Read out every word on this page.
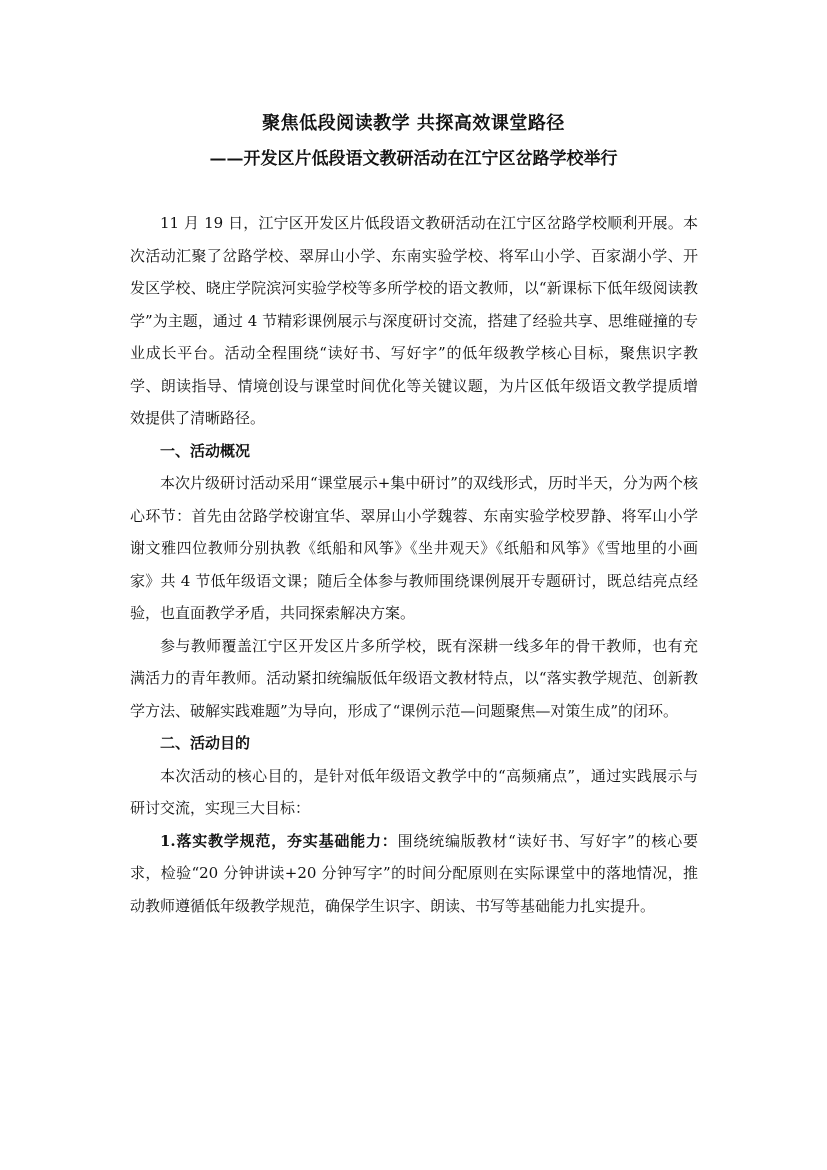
聚焦低段阅读教学 共探高效课堂路径
——开发区片低段语文教研活动在江宁区岔路学校举行

11 月 19 日，江宁区开发区片低段语文教研活动在江宁区岔路学校顺利开展。本次活动汇聚了岔路学校、翠屏山小学、东南实验学校、将军山小学、百家湖小学、开发区学校、晓庄学院滨河实验学校等多所学校的语文教师，以“新课标下低年级阅读教学”为主题，通过 4 节精彩课例展示与深度研讨交流，搭建了经验共享、思维碰撞的专业成长平台。活动全程围绕“读好书、写好字”的低年级教学核心目标，聚焦识字教学、朗读指导、情境创设与课堂时间优化等关键议题，为片区低年级语文教学提质增效提供了清晰路径。

一、活动概况

本次片级研讨活动采用“课堂展示+集中研讨”的双线形式，历时半天，分为两个核心环节：首先由岔路学校谢宜华、翠屏山小学魏蓉、东南实验学校罗静、将军山小学谢文雅四位教师分别执教《纸船和风筝》《坐井观天》《纸船和风筝》《雪地里的小画家》共 4 节低年级语文课；随后全体参与教师围绕课例展开专题研讨，既总结亮点经验，也直面教学矛盾，共同探索解决方案。

参与教师覆盖江宁区开发区片多所学校，既有深耕一线多年的骨干教师，也有充满活力的青年教师。活动紧扣统编版低年级语文教材特点，以“落实教学规范、创新教学方法、破解实践难题”为导向，形成了“课例示范—问题聚焦—对策生成”的闭环。

二、活动目的

本次活动的核心目的，是针对低年级语文教学中的“高频痛点”，通过实践展示与研讨交流，实现三大目标：

1.落实教学规范，夯实基础能力：围绕统编版教材“读好书、写好字”的核心要求，检验“20 分钟讲读+20 分钟写字”的时间分配原则在实际课堂中的落地情况，推动教师遵循低年级教学规范，确保学生识字、朗读、书写等基础能力扎实提升。
